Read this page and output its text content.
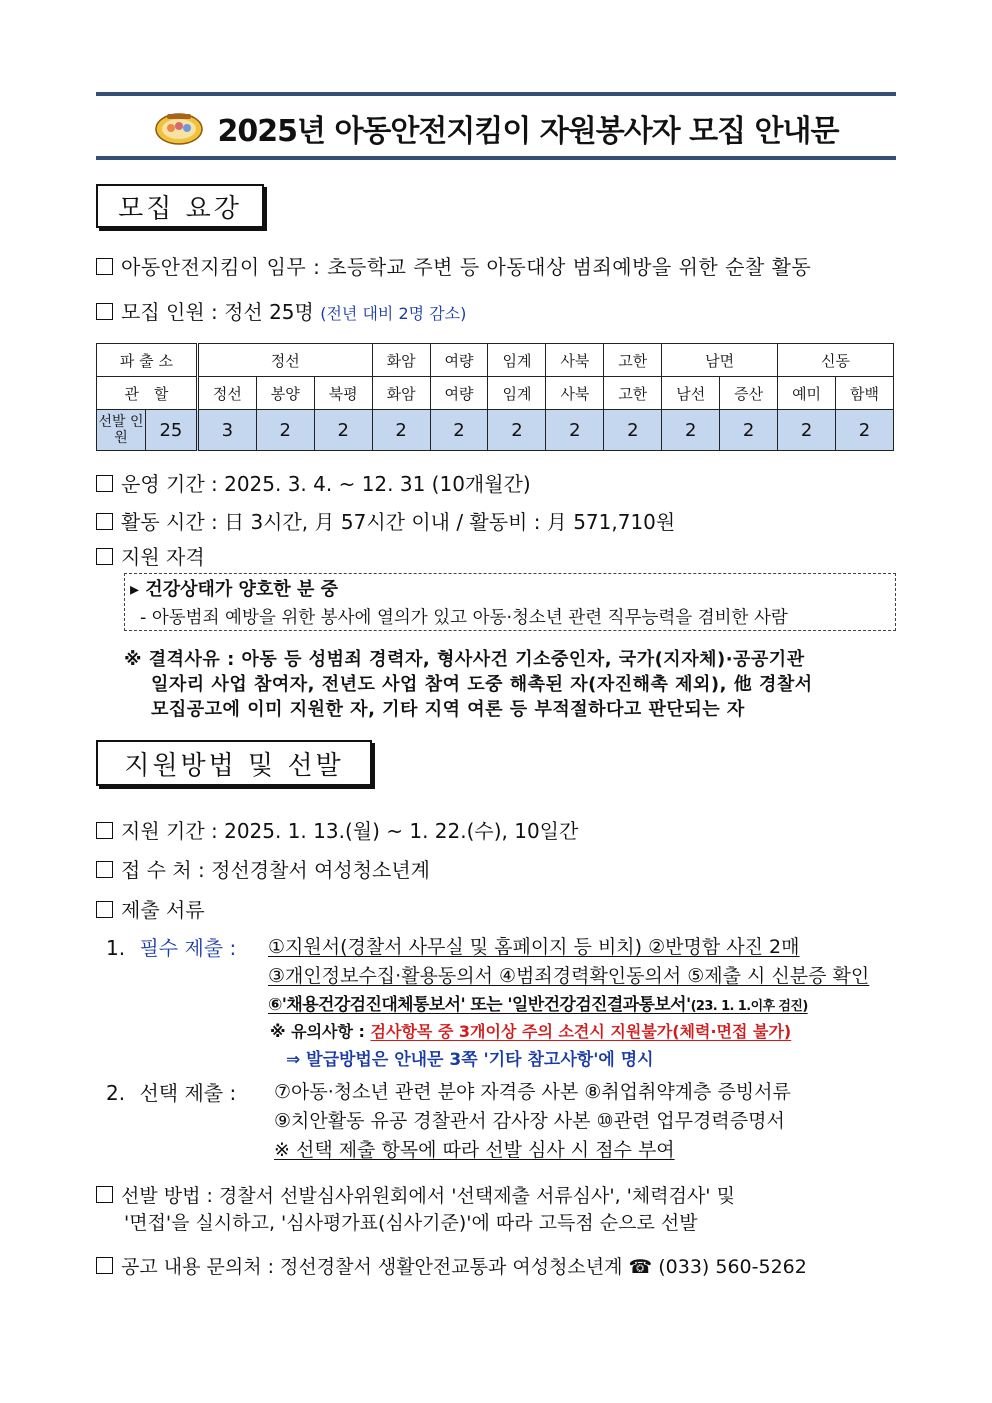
2025년 아동안전지킴이 자원봉사자 모집 안내문
모집 요강
아동안전지킴이 임무 : 초등학교 주변 등 아동대상 범죄예방을 위한 순찰 활동
모집 인원 : 정선 25명 (전년 대비 2명 감소)
파 출 소		정선			화암	여량	임계	사북	고한	남면		신동	
관　할		정선	봉양	북평	화암	여량	임계	사북	고한	남선	증산	예미	함백
선발 인원	25	3	2	2	2	2	2	2	2	2	2	2	2
운영 기간 : 2025. 3. 4. ~ 12. 31 (10개월간)
활동 시간 : 日 3시간, 月 57시간 이내 / 활동비 : 月 571,710원
지원 자격
▸ 건강상태가 양호한 분 중
- 아동범죄 예방을 위한 봉사에 열의가 있고 아동·청소년 관련 직무능력을 겸비한 사람
※ 결격사유 : 아동 등 성범죄 경력자, 형사사건 기소중인자, 국가(지자체)·공공기관
일자리 사업 참여자, 전년도 사업 참여 도중 해촉된 자(자진해촉 제외), 他 경찰서
모집공고에 이미 지원한 자, 기타 지역 여론 등 부적절하다고 판단되는 자
지원방법 및 선발
지원 기간 : 2025. 1. 13.(월) ~ 1. 22.(수), 10일간
접 수 처 : 정선경찰서 여성청소년계
제출 서류
1. 필수 제출 : ①지원서(경찰서 사무실 및 홈페이지 등 비치) ②반명함 사진 2매
③개인정보수집·활용동의서 ④범죄경력확인동의서 ⑤제출 시 신분증 확인
⑥'채용건강검진대체통보서' 또는 '일반건강검진결과통보서'(23. 1. 1.이후 검진)
※ 유의사항 : 검사항목 중 3개이상 주의 소견시 지원불가(체력·면접 불가)
⇒ 발급방법은 안내문 3쪽 '기타 참고사항'에 명시
2. 선택 제출 : ⑦아동·청소년 관련 분야 자격증 사본 ⑧취업취약계층 증빙서류
⑨치안활동 유공 경찰관서 감사장 사본 ⑩관련 업무경력증명서
※ 선택 제출 항목에 따라 선발 심사 시 점수 부여
선발 방법 : 경찰서 선발심사위원회에서 '선택제출 서류심사', '체력검사' 및
'면접'을 실시하고, '심사평가표(심사기준)'에 따라 고득점 순으로 선발
공고 내용 문의처 : 정선경찰서 생활안전교통과 여성청소년계 ☎ (033) 560-5262
